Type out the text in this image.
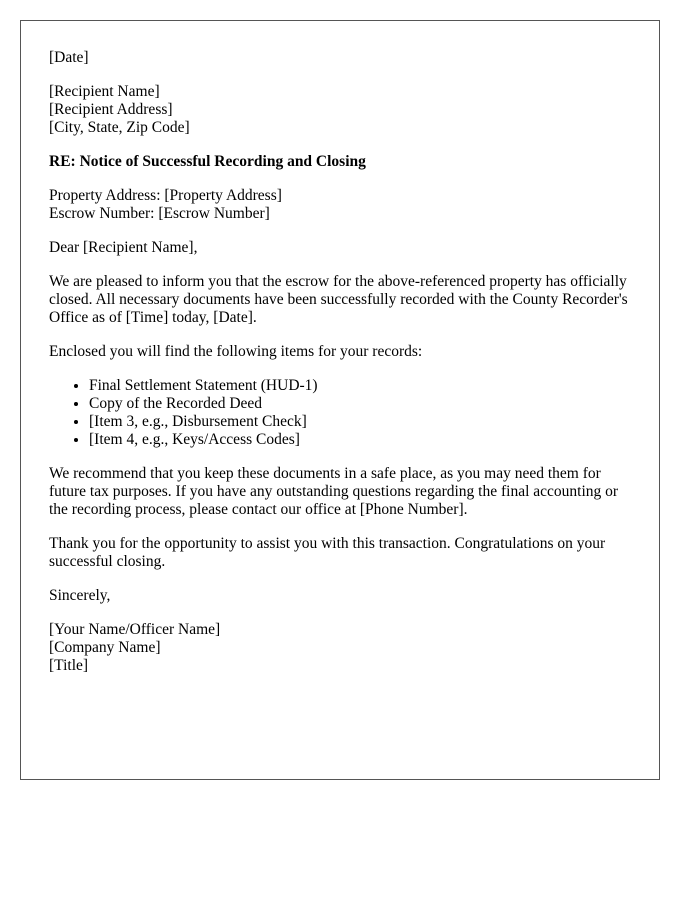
[Date]
[Recipient Name]
[Recipient Address]
[City, State, Zip Code]
RE: Notice of Successful Recording and Closing
Property Address: [Property Address]
Escrow Number: [Escrow Number]
Dear [Recipient Name],
We are pleased to inform you that the escrow for the above-referenced property has officially closed. All necessary documents have been successfully recorded with the County Recorder's Office as of [Time] today, [Date].
Enclosed you will find the following items for your records:
• Final Settlement Statement (HUD-1)
• Copy of the Recorded Deed
• [Item 3, e.g., Disbursement Check]
• [Item 4, e.g., Keys/Access Codes]
We recommend that you keep these documents in a safe place, as you may need them for future tax purposes. If you have any outstanding questions regarding the final accounting or the recording process, please contact our office at [Phone Number].
Thank you for the opportunity to assist you with this transaction. Congratulations on your successful closing.
Sincerely,
[Your Name/Officer Name]
[Company Name]
[Title]
